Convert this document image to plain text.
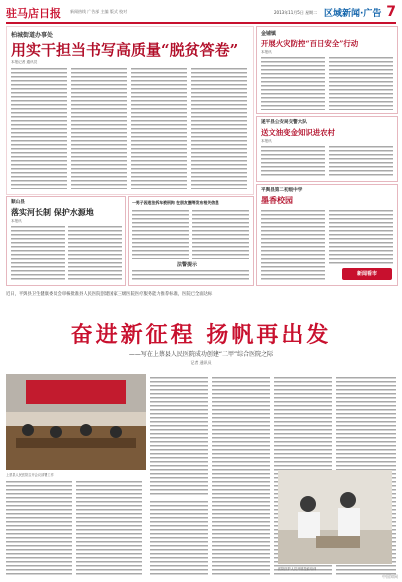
驻马店日报 新闻热线 广告部 主编 版式 校对	2013年11月5日 星期二 区域新闻·广告 7
柏城街道办事处
用实干担当书写高质量“脱贫答卷”
本报记者 通讯员
金铺镇
开展火灾防控“百日安全”行动
本报讯
遂平县公安局交警大队
送文油变金知识进农村
本报讯
顺山县
落实河长制 保护水源地
本报讯
一男子因违法拆车被刑拘 在朋友圈等发布相关信息
法警提示
平舆县第二初级中学
墨香校园
新闻看市
近日，平舆县卫生健康委员会审核批准县人民医院创建国家三级医院医疗服务能力推荐标准，医院已全面达标
奋进新征程 扬帆再出发
——写在上蔡县人民医院成功创建“二甲”综合医院之际
记者 通讯员
上蔡县人民医院召开会议部署工作
医院医护人员开展技能培训
中国知网
